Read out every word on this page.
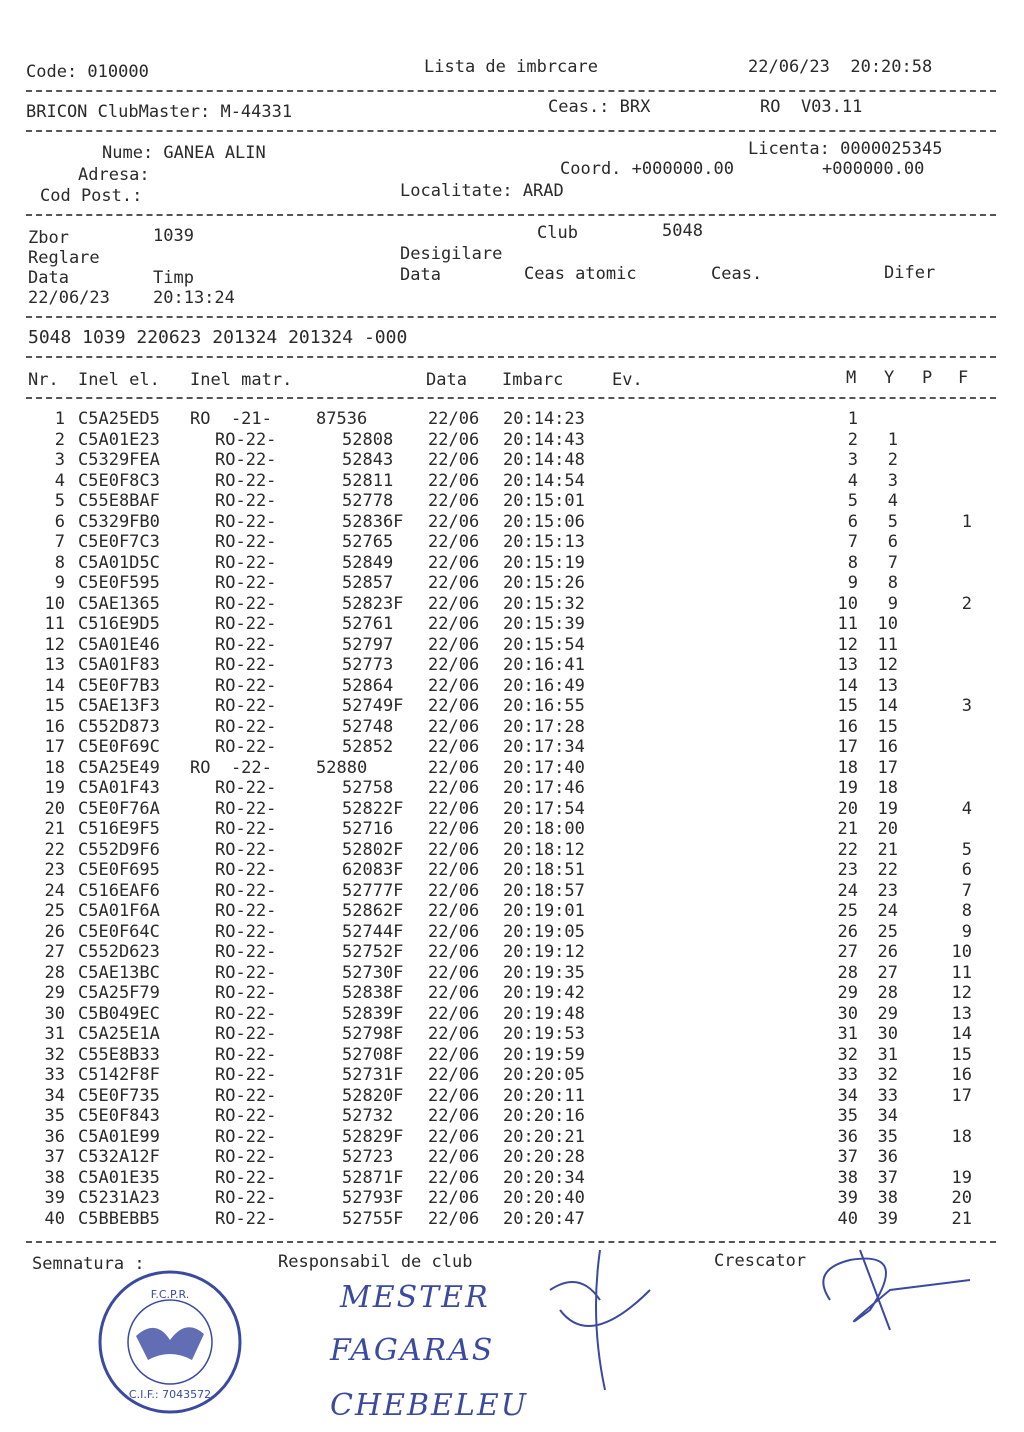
Code: 010000	Lista de imbrcare	22/06/23  20:20:58
BRICON ClubMaster: M-44331	Ceas.: BRX	RO  V03.11
Nume: GANEA ALIN	Licenta: 0000025345
Adresa:	Coord. +000000.00	+000000.00
Cod Post.:	Localitate: ARAD
Zbor	1039	Club	5048
Reglare	Desigilare
Data	Timp	Data	Ceas atomic	Ceas.	Difer
22/06/23	20:13:24
5048 1039 220623 201324 201324 -000
Nr. Inel el. Inel matr.	Data Imbarc	Ev.	M Y P F
1 C5A25ED5 RO  -21-	87536	22/06 20:14:23	1
2 C5A01E23	RO-22-	52808 22/06 20:14:43	2	1
3 C5329FEA	RO-22-	52843 22/06 20:14:48	3	2
4 C5E0F8C3	RO-22-	52811 22/06 20:14:54	4	3
5 C55E8BAF	RO-22-	52778 22/06 20:15:01	5	4
6 C5329FB0	RO-22-	52836F 22/06 20:15:06	6	5	1
7 C5E0F7C3	RO-22-	52765 22/06 20:15:13	7	6
8 C5A01D5C	RO-22-	52849 22/06 20:15:19	8	7
9 C5E0F595	RO-22-	52857 22/06 20:15:26	9	8
10 C5AE1365	RO-22-	52823F 22/06 20:15:32	10	9	2
11 C516E9D5	RO-22-	52761 22/06 20:15:39	11	10
12 C5A01E46	RO-22-	52797 22/06 20:15:54	12	11
13 C5A01F83	RO-22-	52773 22/06 20:16:41	13	12
14 C5E0F7B3	RO-22-	52864 22/06 20:16:49	14	13
15 C5AE13F3	RO-22-	52749F 22/06 20:16:55	15	14	3
16 C552D873	RO-22-	52748 22/06 20:17:28	16	15
17 C5E0F69C	RO-22-	52852 22/06 20:17:34	17	16
18 C5A25E49 RO  -22-	52880	22/06 20:17:40	18	17
19 C5A01F43	RO-22-	52758 22/06 20:17:46	19	18
20 C5E0F76A	RO-22-	52822F 22/06 20:17:54	20	19	4
21 C516E9F5	RO-22-	52716 22/06 20:18:00	21	20
22 C552D9F6	RO-22-	52802F 22/06 20:18:12	22	21	5
23 C5E0F695	RO-22-	62083F 22/06 20:18:51	23	22	6
24 C516EAF6	RO-22-	52777F 22/06 20:18:57	24	23	7
25 C5A01F6A	RO-22-	52862F 22/06 20:19:01	25	24	8
26 C5E0F64C	RO-22-	52744F 22/06 20:19:05	26	25	9
27 C552D623	RO-22-	52752F 22/06 20:19:12	27	26	10
28 C5AE13BC	RO-22-	52730F 22/06 20:19:35	28	27	11
29 C5A25F79	RO-22-	52838F 22/06 20:19:42	29	28	12
30 C5B049EC	RO-22-	52839F 22/06 20:19:48	30	29	13
31 C5A25E1A	RO-22-	52798F 22/06 20:19:53	31	30	14
32 C55E8B33	RO-22-	52708F 22/06 20:19:59	32	31	15
33 C5142F8F	RO-22-	52731F 22/06 20:20:05	33	32	16
34 C5E0F735	RO-22-	52820F 22/06 20:20:11	34	33	17
35 C5E0F843	RO-22-	52732 22/06 20:20:16	35	34
36 C5A01E99	RO-22-	52829F 22/06 20:20:21	36	35	18
37 C532A12F	RO-22-	52723 22/06 20:20:28	37	36
38 C5A01E35	RO-22-	52871F 22/06 20:20:34	38	37	19
39 C5231A23	RO-22-	52793F 22/06 20:20:40	39	38	20
40 C5BBEBB5	RO-22-	52755F 22/06 20:20:47	40	39	21
Semnatura :	Responsabil de club	Crescator
F.C.P.R.
C.I.F.: 7043572
MESTER
FAGARAS
CHEBELEU
